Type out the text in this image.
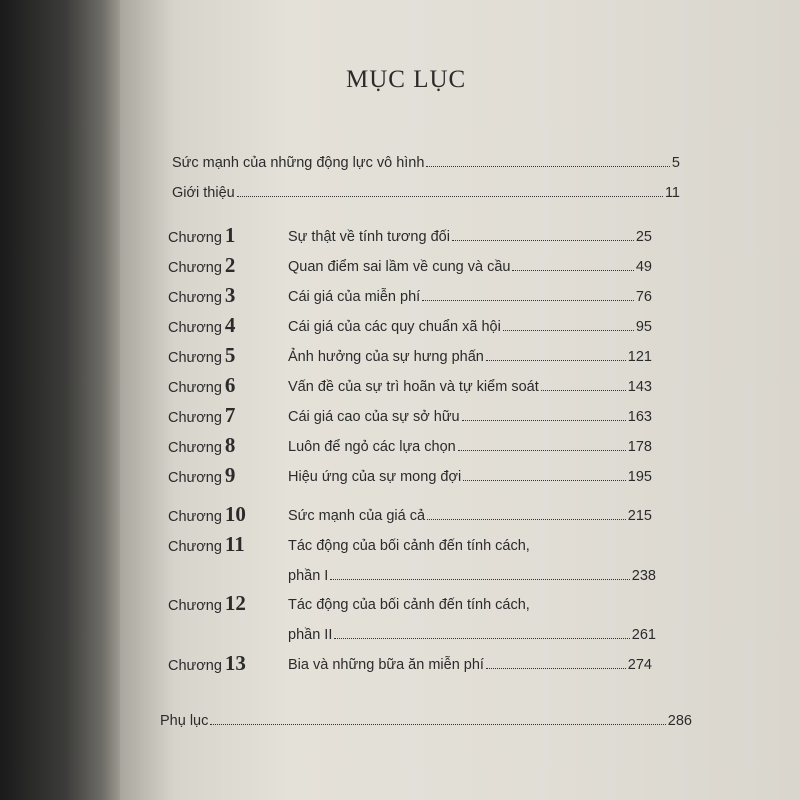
MỤC LỤC
Sức mạnh của những động lực vô hình	5
Giới thiệu	11
Chương 1	Sự thật về tính tương đối	25
Chương 2	Quan điểm sai lầm về cung và cầu	49
Chương 3	Cái giá của miễn phí	76
Chương 4	Cái giá của các quy chuẩn xã hội	95
Chương 5	Ảnh hưởng của sự hưng phấn	121
Chương 6	Vấn đề của sự trì hoãn và tự kiểm soát	143
Chương 7	Cái giá cao của sự sở hữu	163
Chương 8	Luôn để ngỏ các lựa chọn	178
Chương 9	Hiệu ứng của sự mong đợi	195
Chương 10	Sức mạnh của giá cả	215
Chương 11	Tác động của bối cảnh đến tính cách,
phần I	238
Chương 12	Tác động của bối cảnh đến tính cách,
phần II	261
Chương 13	Bia và những bữa ăn miễn phí	274
Phụ lục	286
